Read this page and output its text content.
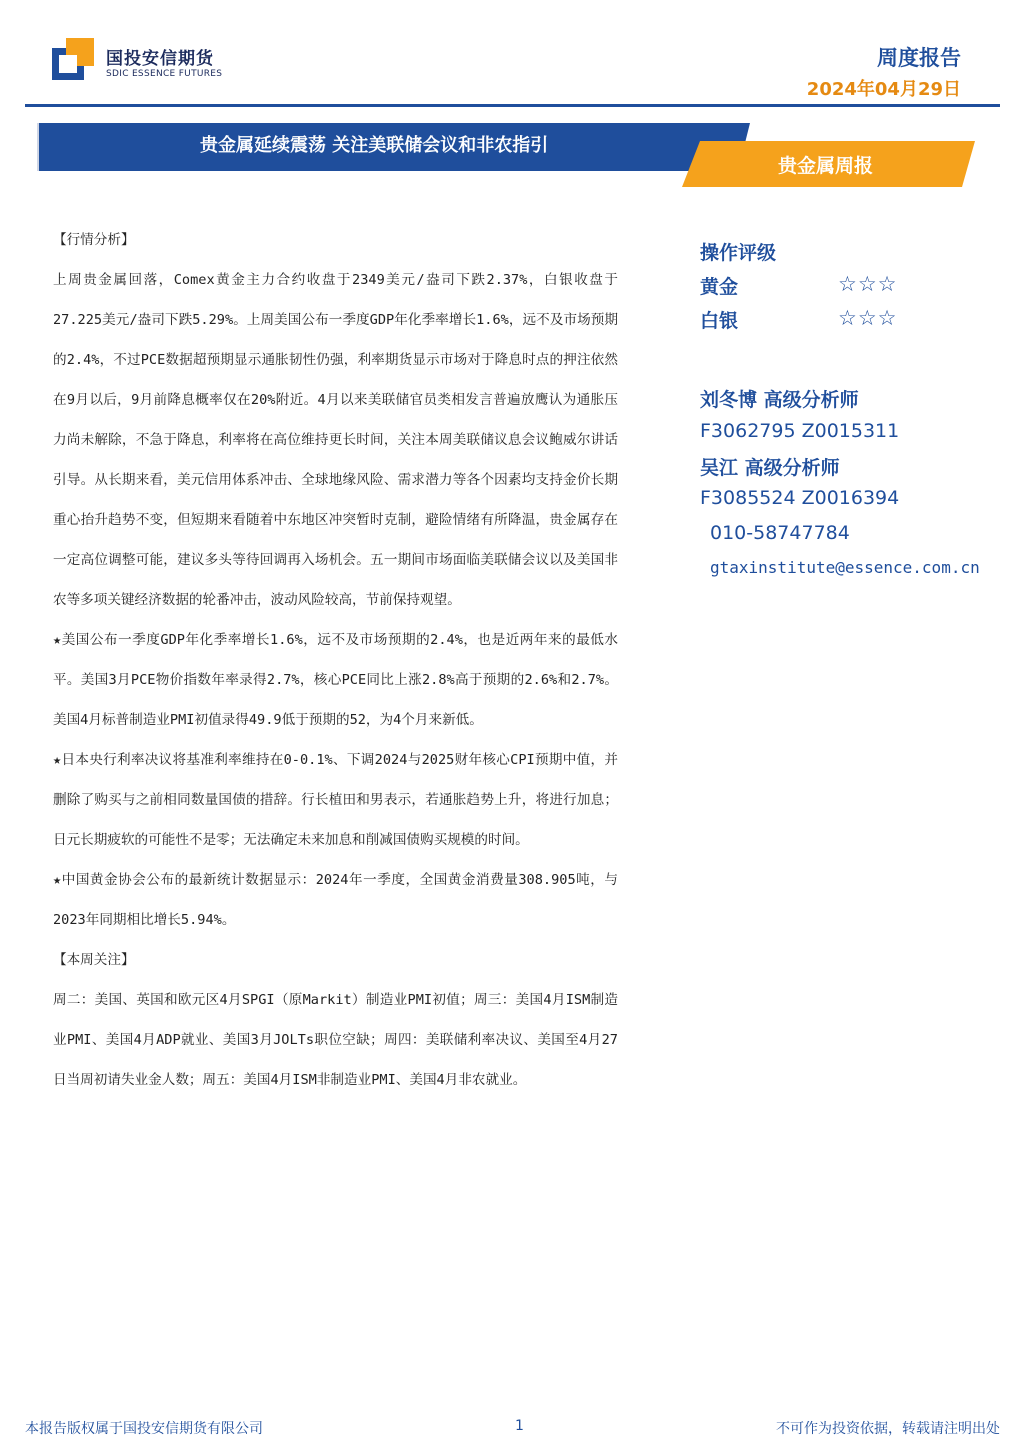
国投安信期货
SDIC ESSENCE FUTURES
周度报告
2024年04月29日
贵金属延续震荡 关注美联储会议和非农指引
贵金属周报

【行情分析】

上周贵金属回落，Comex黄金主力合约收盘于2349美元/盎司下跌2.37%，白银收盘于27.225美元/盎司下跌5.29%。上周美国公布一季度GDP年化季率增长1.6%，远不及市场预期的2.4%，不过PCE数据超预期显示通胀韧性仍强，利率期货显示市场对于降息时点的押注依然在9月以后，9月前降息概率仅在20%附近。4月以来美联储官员类相发言普遍放鹰认为通胀压力尚未解除，不急于降息，利率将在高位维持更长时间，关注本周美联储议息会议鲍威尔讲话引导。从长期来看，美元信用体系冲击、全球地缘风险、需求潜力等各个因素均支持金价长期重心抬升趋势不变，但短期来看随着中东地区冲突暂时克制，避险情绪有所降温，贵金属存在一定高位调整可能，建议多头等待回调再入场机会。五一期间市场面临美联储会议以及美国非农等多项关键经济数据的轮番冲击，波动风险较高，节前保持观望。

★美国公布一季度GDP年化季率增长1.6%，远不及市场预期的2.4%，也是近两年来的最低水平。美国3月PCE物价指数年率录得2.7%，核心PCE同比上涨2.8%高于预期的2.6%和2.7%。美国4月标普制造业PMI初值录得49.9低于预期的52，为4个月来新低。

★日本央行利率决议将基准利率维持在0-0.1%、下调2024与2025财年核心CPI预期中值，并删除了购买与之前相同数量国债的措辞。行长植田和男表示，若通胀趋势上升，将进行加息；日元长期疲软的可能性不是零；无法确定未来加息和削减国债购买规模的时间。

★中国黄金协会公布的最新统计数据显示：2024年一季度，全国黄金消费量308.905吨，与2023年同期相比增长5.94%。

【本周关注】

周二：美国、英国和欧元区4月SPGI（原Markit）制造业PMI初值；周三：美国4月ISM制造业PMI、美国4月ADP就业、美国3月JOLTs职位空缺；周四：美联储利率决议、美国至4月27日当周初请失业金人数；周五：美国4月ISM非制造业PMI、美国4月非农就业。

操作评级
黄金	☆☆☆
白银	☆☆☆
刘冬博 高级分析师
F3062795 Z0015311
吴江 高级分析师
F3085524 Z0016394
010-58747784
gtaxinstitute@essence.com.cn
本报告版权属于国投安信期货有限公司	1	不可作为投资依据，转载请注明出处
